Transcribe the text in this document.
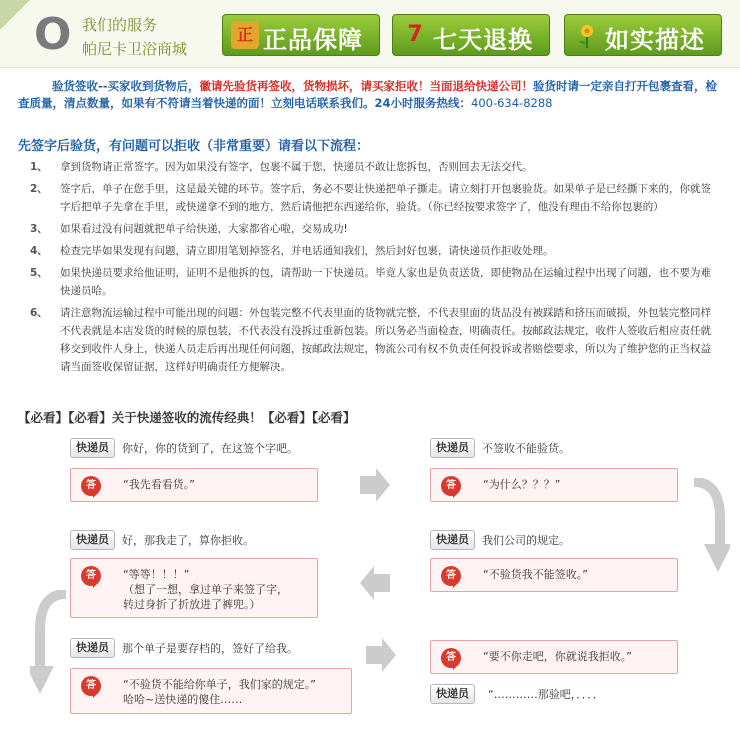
O 我们的服务
帕尼卡卫浴商城
正 正品保障 7 七天退换	如实描述
验货签收--买家收到货物后，徽请先验货再签收，货物损坏，请买家拒收！当面退给快递公司！验货时请一定亲自打开包裹查看，检查质量，清点数量，如果有不符请当着快递的面！立刻电话联系我们。24小时服务热线：400-634-8288
先签字后验货，有问题可以拒收（非常重要）请看以下流程：
1、	拿到货物请正常签字。因为如果没有签字，包裹不属于您，快递员不敢让您拆包，否则回去无法交代。
2、	签字后，单子在您手里，这是最关键的环节。签字后，务必不要让快递把单子撕走。请立刻打开包裹验货。如果单子是已经撕下来的，你就签字后把单子先拿在手里，或快递拿不到的地方，然后请他把东西递给你，验货。（你已经按要求签字了，他没有理由不给你包裹的）
3、	如果看过没有问题就把单子给快递，大家都省心啦，交易成功!
4、	检查完毕如果发现有问题，请立即用笔划掉签名，并电话通知我们，然后封好包裹，请快递员作拒收处理。
5、	如果快递员要求给他证明，证明不是他拆的包，请帮助一下快递员。毕竟人家也是负责送货，即使物品在运输过程中出现了问题，也不要为难快递员哈。
6、	请注意物流运输过程中可能出现的问题：外包装完整不代表里面的货物就完整，不代表里面的货品没有被踩踏和挤压而破损，外包装完整同样不代表就是本店发货的时候的原包装，不代表没有没拆过重新包装。所以务必当面检查，明确责任。按邮政法规定，收件人签收后相应责任就移交到收件人身上，快递人员走后再出现任何问题，按邮政法规定，物流公司有权不负责任何投诉或者赔偿要求，所以为了维护您的正当权益请当面签收保留证据，这样好明确责任方便解决。
【必看】【必看】关于快递签收的流传经典！【必看】【必看】
快递员	你好，你的货到了，在这签个字吧。
答	“我先看看货。”
快递员	不签收不能验货。
答	“为什么？？？”
快递员	我们公司的规定。
答	“不验货我不能签收。”
快递员	好，那我走了，算你拒收。
答	“等等！！！”
（想了一想，拿过单子来签了字，
转过身折了折放进了裤兜。）
快递员	那个单子是要存档的，签好了给我。
答	“不验货不能给你单子，我们家的规定。”
哈哈~送快递的傻住……
答	“要不你走吧，你就说我拒收。”
快递员	“…………那验吧，．．．．
